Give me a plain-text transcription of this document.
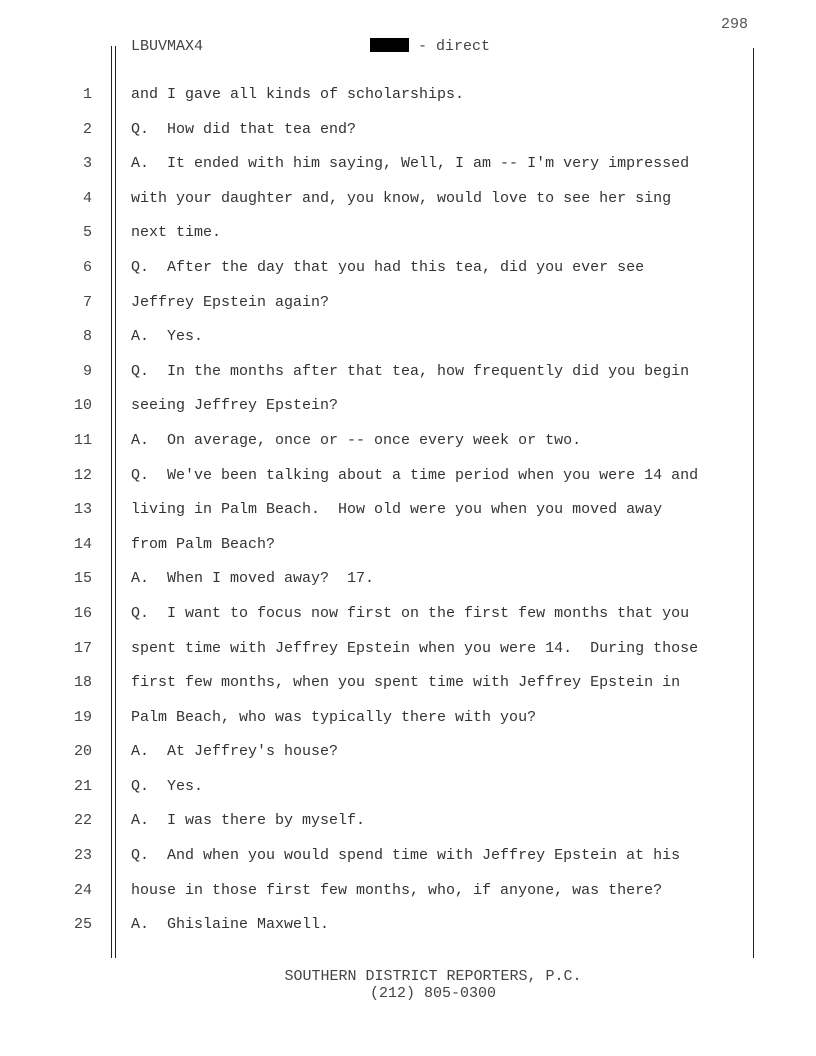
298
LBUVMAX4	- direct
1	and I gave all kinds of scholarships.
2	Q.  How did that tea end?
3	A.  It ended with him saying, Well, I am -- I'm very impressed
4	with your daughter and, you know, would love to see her sing
5	next time.
6	Q.  After the day that you had this tea, did you ever see
7	Jeffrey Epstein again?
8	A.  Yes.
9	Q.  In the months after that tea, how frequently did you begin
10	seeing Jeffrey Epstein?
11	A.  On average, once or -- once every week or two.
12	Q.  We've been talking about a time period when you were 14 and
13	living in Palm Beach.  How old were you when you moved away
14	from Palm Beach?
15	A.  When I moved away?  17.
16	Q.  I want to focus now first on the first few months that you
17	spent time with Jeffrey Epstein when you were 14.  During those
18	first few months, when you spent time with Jeffrey Epstein in
19	Palm Beach, who was typically there with you?
20	A.  At Jeffrey's house?
21	Q.  Yes.
22	A.  I was there by myself.
23	Q.  And when you would spend time with Jeffrey Epstein at his
24	house in those first few months, who, if anyone, was there?
25	A.  Ghislaine Maxwell.
SOUTHERN DISTRICT REPORTERS, P.C.
(212) 805-0300
